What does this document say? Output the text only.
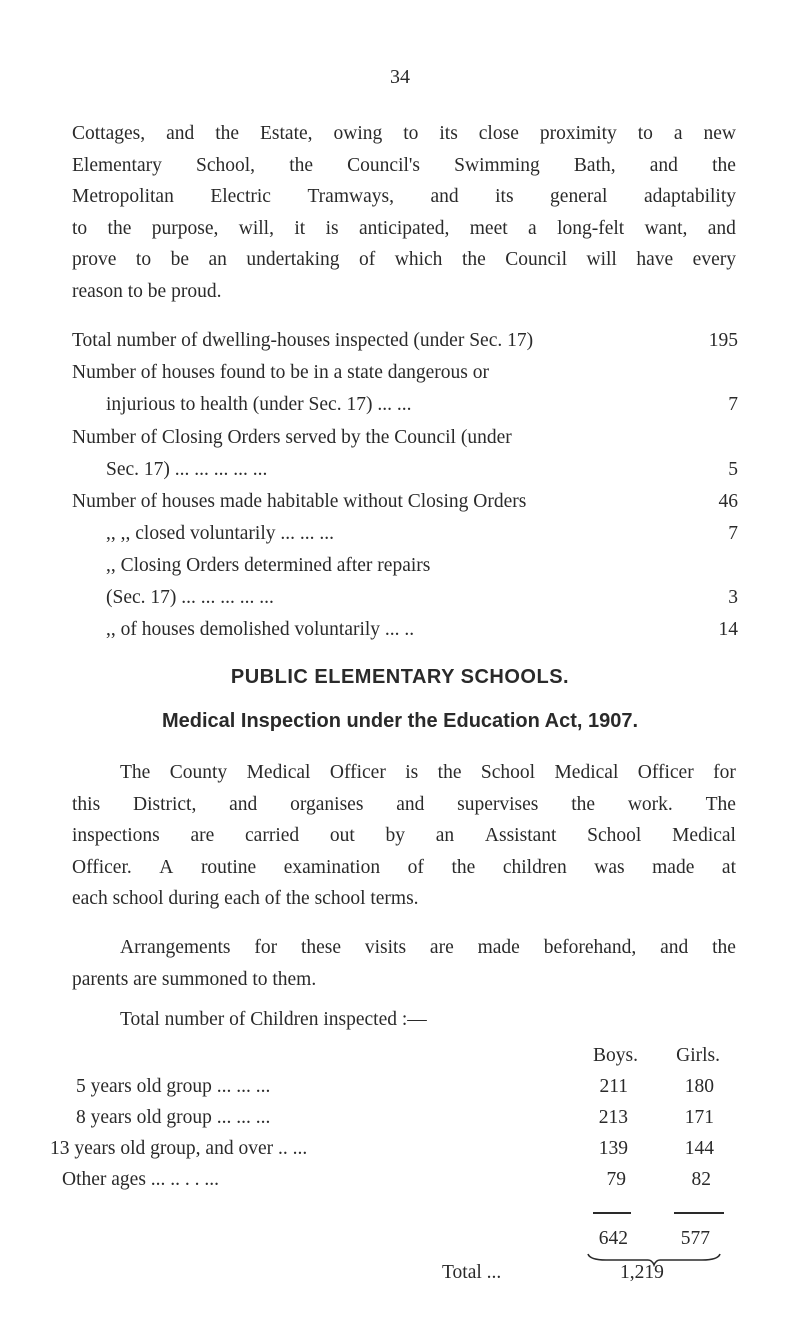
34
Cottages, and the Estate, owing to its close proximity to a new
Elementary School, the Council's Swimming Bath, and the
Metropolitan Electric Tramways, and its general adaptability
to the purpose, will, it is anticipated, meet a long-felt want, and
prove to be an undertaking of which the Council will have every
reason to be proud.
Total number of dwelling-houses inspected (under Sec. 17)	195
Number of houses found to be in a state dangerous or
injurious to health (under Sec. 17) ... ...	7
Number of Closing Orders served by the Council (under
Sec. 17) ... ... ... ... ...	5
Number of houses made habitable without Closing Orders	46
,, ,, closed voluntarily ... ... ...	7
,, Closing Orders determined after repairs
(Sec. 17) ... ... ... ... ...	3
,, of houses demolished voluntarily ... ..	14
PUBLIC ELEMENTARY SCHOOLS.
Medical Inspection under the Education Act, 1907.
The County Medical Officer is the School Medical Officer for
this District, and organises and supervises the work. The
inspections are carried out by an Assistant School Medical
Officer. A routine examination of the children was made at
each school during each of the school terms.
Arrangements for these visits are made beforehand, and the
parents are summoned to them.
Total number of Children inspected :—
Boys.	Girls.
5 years old group ... ... ...	211	180
8 years old group ... ... ...	213	171
13 years old group, and over .. ...	139	144
Other ages ... .. . . ...	79	82
642	577
Total ...	1,219
